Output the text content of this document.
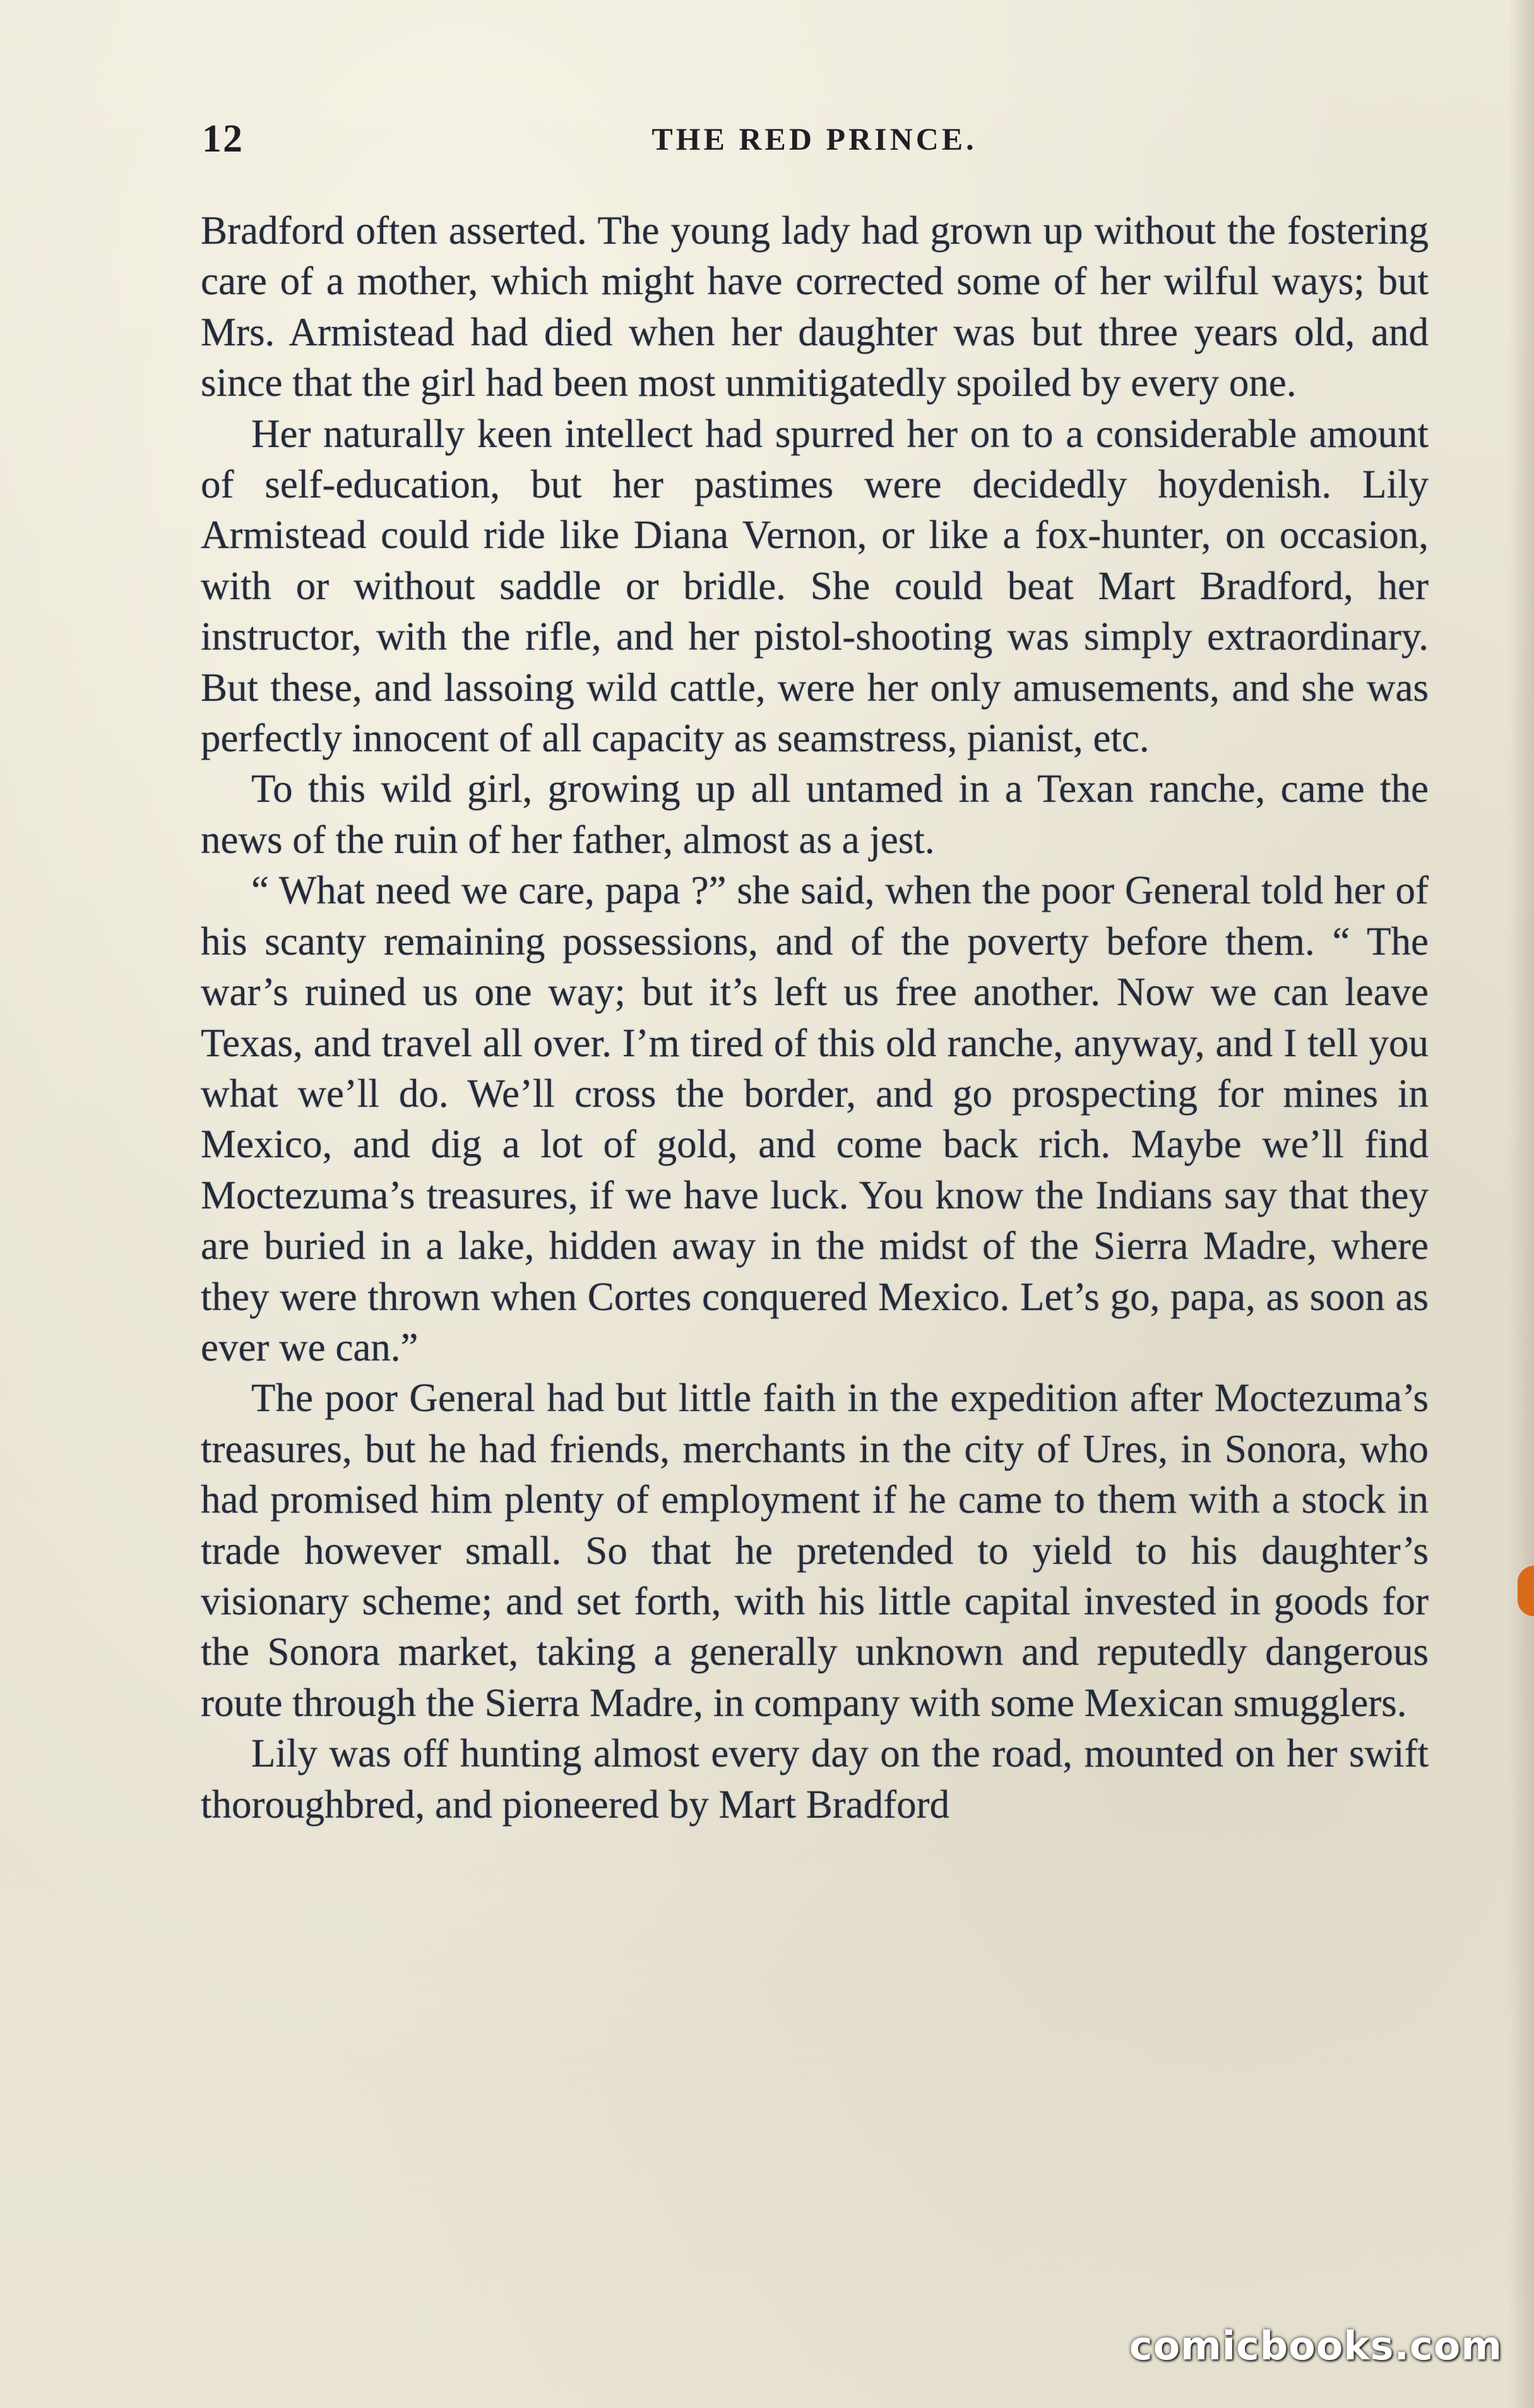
12	THE RED PRINCE.

Bradford often asserted. The young lady had grown up without the fostering care of a mother, which might have corrected some of her wilful ways; but Mrs. Armistead had died when her daughter was but three years old, and since that the girl had been most unmitigatedly spoiled by every one.

Her naturally keen intellect had spurred her on to a considerable amount of self-education, but her pastimes were decidedly hoydenish. Lily Armistead could ride like Diana Vernon, or like a fox-hunter, on occasion, with or without saddle or bridle. She could beat Mart Bradford, her instructor, with the rifle, and her pistol-shooting was simply extraordinary. But these, and lassoing wild cattle, were her only amusements, and she was perfectly innocent of all capacity as seamstress, pianist, etc.

To this wild girl, growing up all untamed in a Texan ranche, came the news of the ruin of her father, almost as a jest.

“ What need we care, papa ?” she said, when the poor General told her of his scanty remaining possessions, and of the poverty before them. “ The war’s ruined us one way; but it’s left us free another. Now we can leave Texas, and travel all over. I’m tired of this old ranche, anyway, and I tell you what we’ll do. We’ll cross the border, and go prospecting for mines in Mexico, and dig a lot of gold, and come back rich. Maybe we’ll find Moctezuma’s treasures, if we have luck. You know the Indians say that they are buried in a lake, hidden away in the midst of the Sierra Madre, where they were thrown when Cortes conquered Mexico. Let’s go, papa, as soon as ever we can.”

The poor General had but little faith in the expedition after Moctezuma’s treasures, but he had friends, merchants in the city of Ures, in Sonora, who had promised him plenty of employment if he came to them with a stock in trade however small. So that he pretended to yield to his daughter’s visionary scheme; and set forth, with his little capital invested in goods for the Sonora market, taking a generally unknown and reputedly dangerous route through the Sierra Madre, in company with some Mexican smugglers.

Lily was off hunting almost every day on the road, mounted on her swift thoroughbred, and pioneered by Mart Bradford

comicbooks.com
